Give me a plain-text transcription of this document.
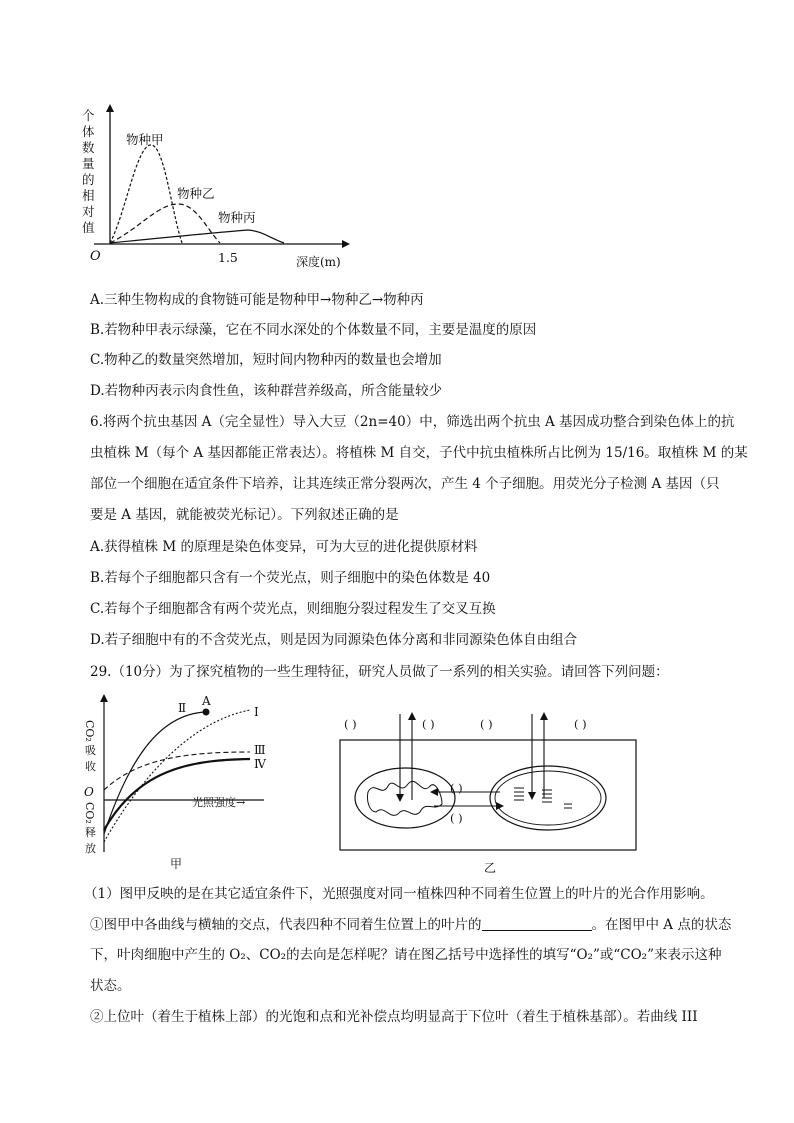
个
体
数
量
的
相
对
值
O	1.5	深度(m)
物种甲
物种乙
物种丙
A.三种生物构成的食物链可能是物种甲→物种乙→物种丙
B.若物种甲表示绿藻，它在不同水深处的个体数量不同，主要是温度的原因
C.物种乙的数量突然增加，短时间内物种丙的数量也会增加
D.若物种丙表示肉食性鱼，该种群营养级高，所含能量较少
6.将两个抗虫基因 A（完全显性）导入大豆（2n=40）中，筛选出两个抗虫 A 基因成功整合到染色体上的抗
虫植株 M（每个 A 基因都能正常表达）。将植株 M 自交，子代中抗虫植株所占比例为 15/16。取植株 M 的某
部位一个细胞在适宜条件下培养，让其连续正常分裂两次，产生 4 个子细胞。用荧光分子检测 A 基因（只
要是 A 基因，就能被荧光标记）。下列叙述正确的是
A.获得植株 M 的原理是染色体变异，可为大豆的进化提供原材料
B.若每个子细胞都只含有一个荧光点，则子细胞中的染色体数是 40
C.若每个子细胞都含有两个荧光点，则细胞分裂过程发生了交叉互换
D.若子细胞中有的不含荧光点，则是因为同源染色体分离和非同源染色体自由组合
29.（10分）为了探究植物的一些生理特征，研究人员做了一系列的相关实验。请回答下列问题：
CO₂
吸
收
O
CO₂
释
放
光照强度→
Ⅱ A
Ⅰ
Ⅲ
Ⅳ
甲
( )	( )	( )	( )
( )
( )
乙
（1）图甲反映的是在其它适宜条件下，光照强度对同一植株四种不同着生位置上的叶片的光合作用影响。
①图甲中各曲线与横轴的交点，代表四种不同着生位置上的叶片的	。在图甲中 A 点的状态
下，叶肉细胞中产生的 O₂、CO₂的去向是怎样呢？请在图乙括号中选择性的填写“O₂”或“CO₂”来表示这种
状态。
②上位叶（着生于植株上部）的光饱和点和光补偿点均明显高于下位叶（着生于植株基部）。若曲线 III
